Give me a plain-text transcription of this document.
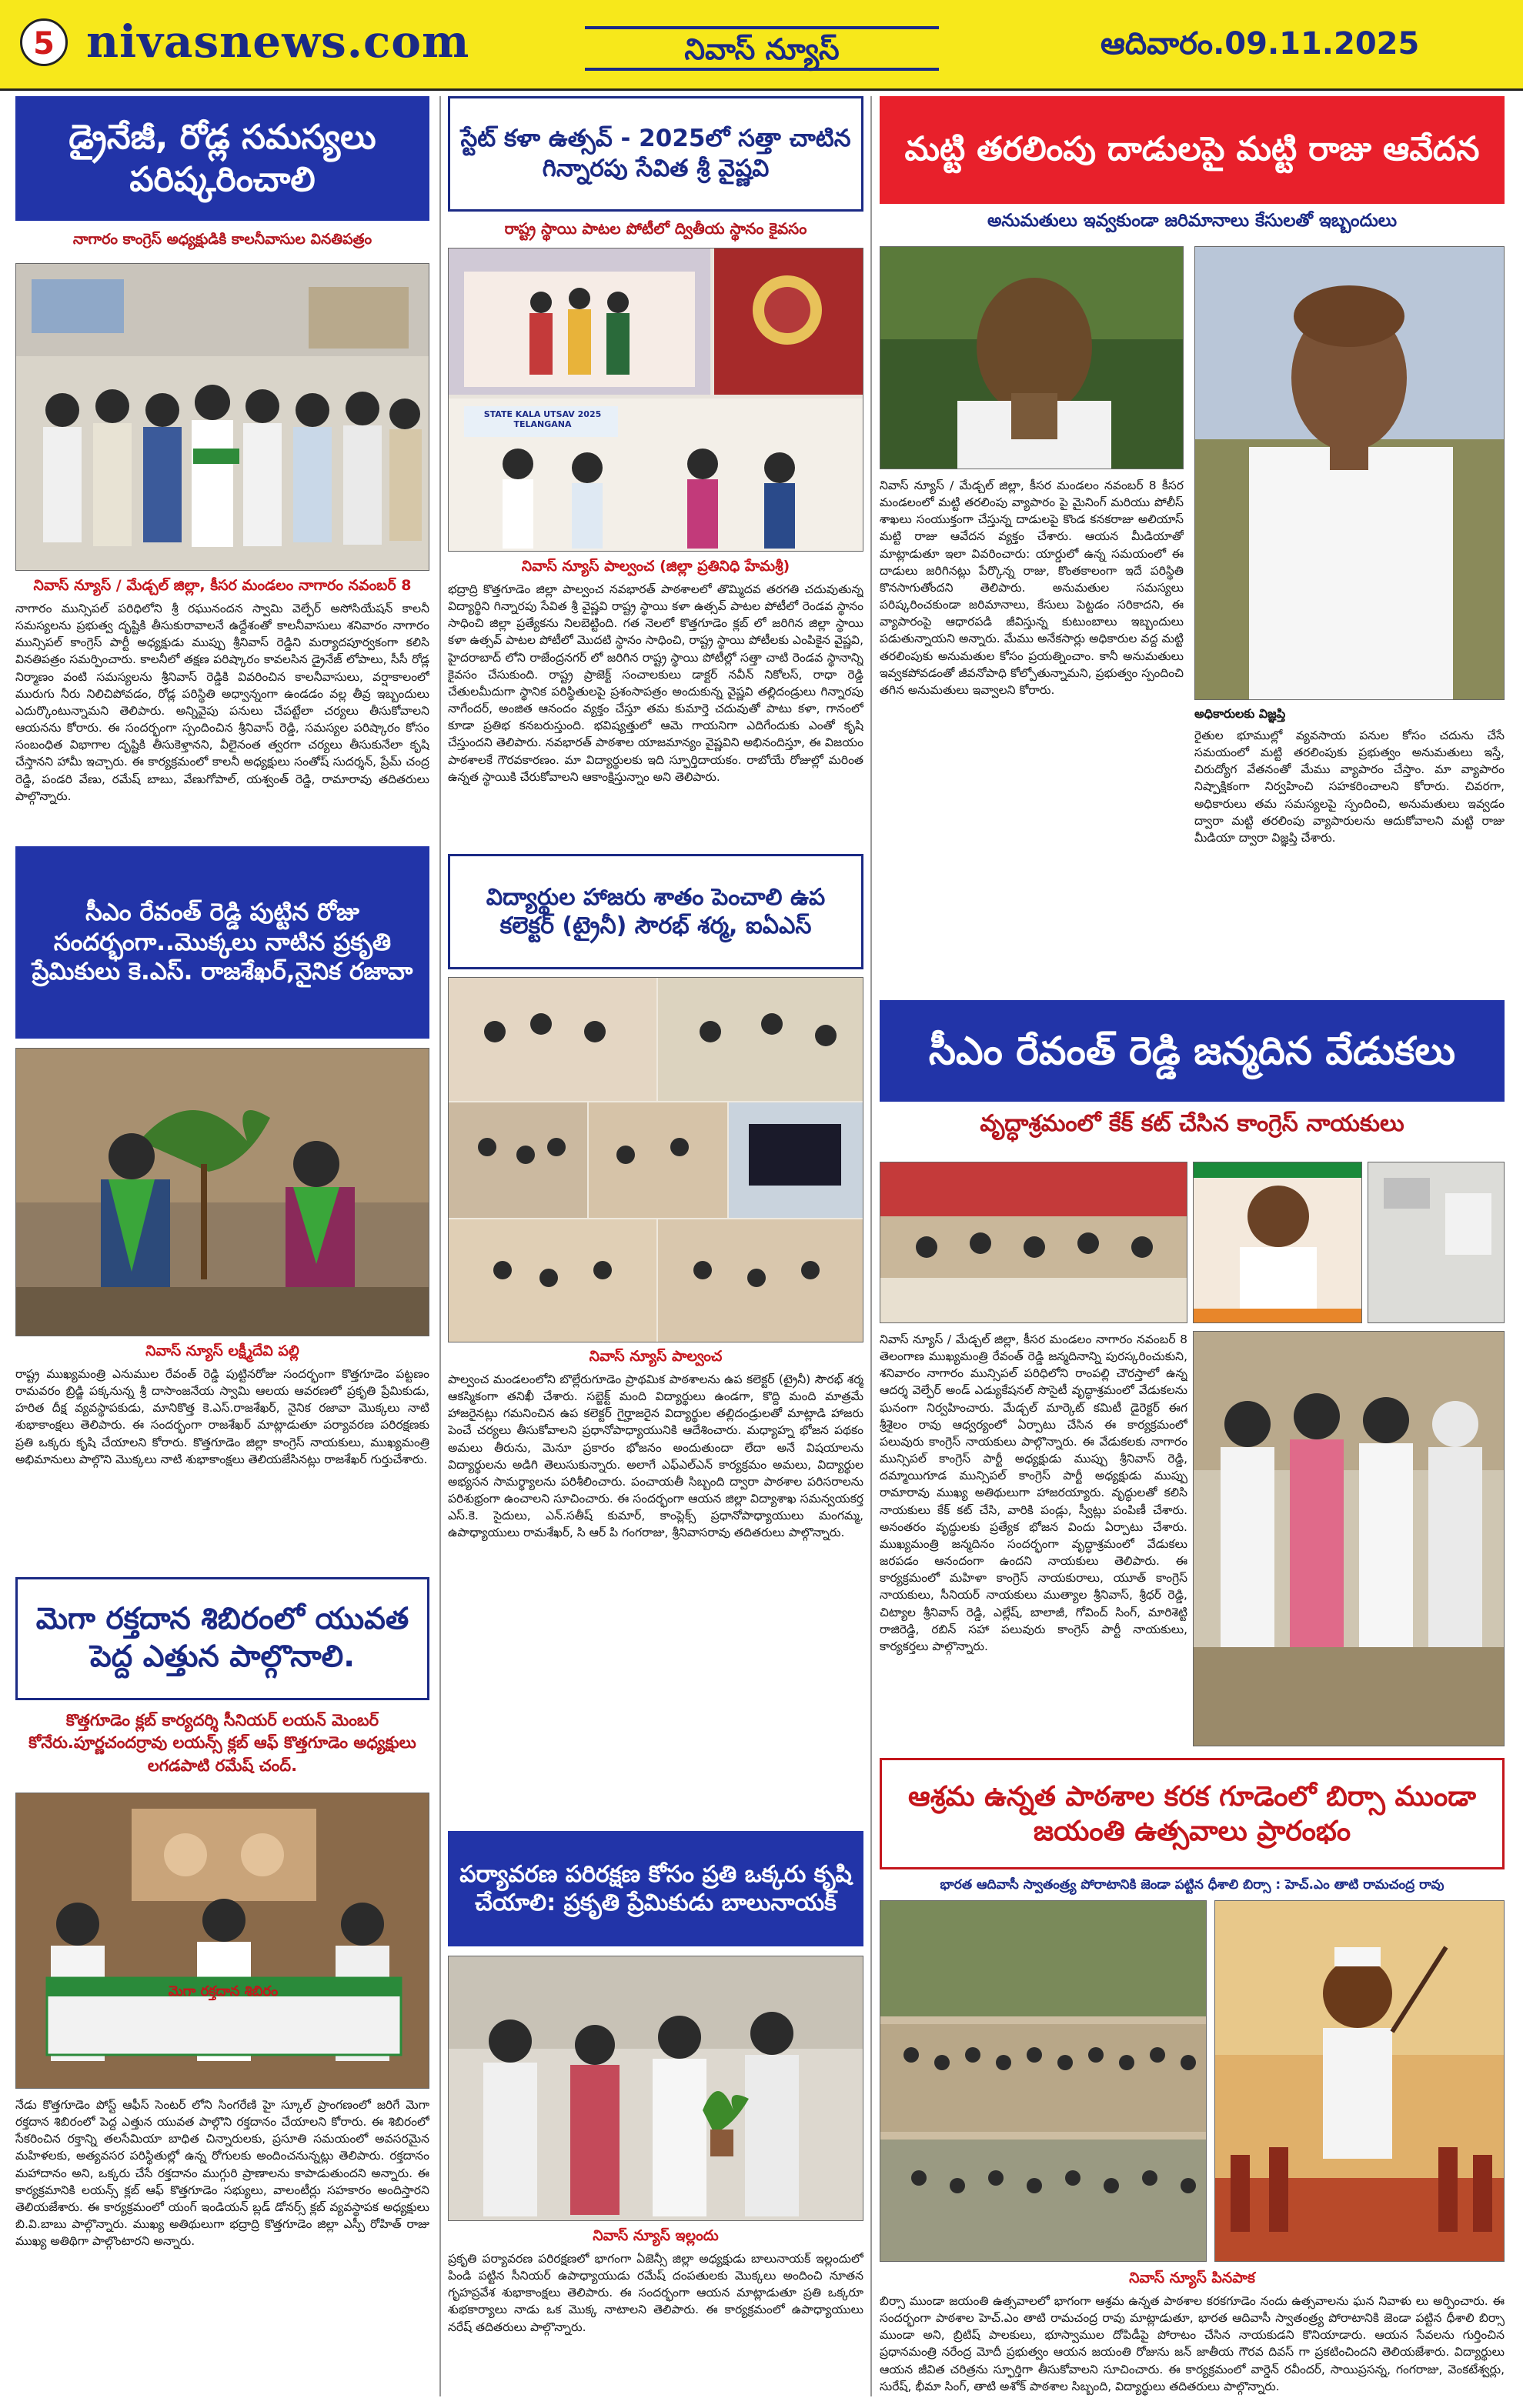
5 nivasnews.com	నివాస్ న్యూస్	ఆదివారం.09.11.2025
డ్రైనేజీ, రోడ్ల సమస్యలు పరిష్కరించాలి
నాగారం కాంగ్రెస్ అధ్యక్షుడికి కాలనీవాసుల వినతిపత్రం
నివాస్ న్యూస్ / మేడ్చల్ జిల్లా, కీసర మండలం నాగారం నవంబర్ 8
నాగారం మున్సిపల్ పరిధిలోని శ్రీ రఘునందన స్వామి వెల్ఫేర్ అసోసియేషన్ కాలనీ సమస్యలను ప్రభుత్వ దృష్టికి తీసుకురావాలనే ఉద్దేశంతో కాలనీవాసులు శనివారం నాగారం మున్సిపల్ కాంగ్రెస్ పార్టీ అధ్యక్షుడు ముప్పు శ్రీనివాస్ రెడ్డిని మర్యాదపూర్వకంగా కలిసి వినతిపత్రం సమర్పించారు. కాలనీలో తక్షణ పరిష్కారం కావలసిన డ్రైనేజ్ లోపాలు, సీసీ రోడ్ల నిర్మాణం వంటి సమస్యలను శ్రీనివాస్ రెడ్డికి వివరించిన కాలనీవాసులు, వర్షాకాలంలో మురుగు నీరు నిలిచిపోవడం, రోడ్ల పరిస్థితి అధ్వాన్నంగా ఉండడం వల్ల తీవ్ర ఇబ్బందులు ఎదుర్కొంటున్నామని తెలిపారు. అన్నివైపు పనులు చేపట్టేలా చర్యలు తీసుకోవాలని ఆయనను కోరారు. ఈ సందర్భంగా స్పందించిన శ్రీనివాస్ రెడ్డి, సమస్యల పరిష్కారం కోసం సంబంధిత విభాగాల దృష్టికి తీసుకెళ్తానని, వీలైనంత త్వరగా చర్యలు తీసుకునేలా కృషి చేస్తానని హామీ ఇచ్చారు. ఈ కార్యక్రమంలో కాలనీ అధ్యక్షులు సంతోష్ సుదర్శన్, ప్రేమ్ చంద్ర రెడ్డి, పండరి వేణు, రమేష్ బాబు, వేణుగోపాల్, యశ్వంత్ రెడ్డి, రామారావు తదితరులు పాల్గొన్నారు.
సీఎం రేవంత్ రెడ్డి పుట్టిన రోజు సందర్భంగా..మొక్కలు నాటిన ప్రకృతి ప్రేమికులు కె.ఎస్. రాజశేఖర్,నైనిక రజావా
నివాస్ న్యూస్ లక్ష్మీదేవి పల్లి
రాష్ట్ర ముఖ్యమంత్రి ఎనుముల రేవంత్ రెడ్డి పుట్టినరోజు సందర్భంగా కొత్తగూడెం పట్టణం రామవరం బ్రిడ్జి పక్కనున్న శ్రీ దాసాంజనేయ స్వామి ఆలయ ఆవరణలో ప్రకృతి ప్రేమికుడు, హరిత దీక్ష వ్యవస్థాపకుడు, మానికొత్త కె.ఎస్.రాజశేఖర్, నైనిక రజావా మొక్కలు నాటి శుభాకాంక్షలు తెలిపారు. ఈ సందర్భంగా రాజశేఖర్ మాట్లాడుతూ పర్యావరణ పరిరక్షణకు ప్రతి ఒక్కరు కృషి చేయాలని కోరారు. కొత్తగూడెం జిల్లా కాంగ్రెస్ నాయకులు, ముఖ్యమంత్రి అభిమానులు పాల్గొని మొక్కలు నాటి శుభాకాంక్షలు తెలియజేసినట్లు రాజశేఖర్ గుర్తుచేశారు.
మెగా రక్తదాన శిబిరంలో యువత పెద్ద ఎత్తున పాల్గొనాలి.
కొత్తగూడెం క్లబ్ కార్యదర్శి సీనియర్ లయన్ మెంబర్ కోనేరు.పూర్ణచందర్రావు లయన్స్ క్లబ్ ఆఫ్ కొత్తగూడెం అధ్యక్షులు లగడపాటి రమేష్ చంద్.
మెగా రక్తదాన శిబిరం
నేడు కొత్తగూడెం పోస్ట్ ఆఫీస్ సెంటర్ లోని సింగరేణి హై స్కూల్ ప్రాంగణంలో జరిగే మెగా రక్తదాన శిబిరంలో పెద్ద ఎత్తున యువత పాల్గొని రక్తదానం చేయాలని కోరారు. ఈ శిబిరంలో సేకరించిన రక్తాన్ని తలసేమియా బాధిత చిన్నారులకు, ప్రసూతి సమయంలో అవసరమైన మహిళలకు, అత్యవసర పరిస్థితుల్లో ఉన్న రోగులకు అందించనున్నట్లు తెలిపారు. రక్తదానం మహాదానం అని, ఒక్కరు చేసే రక్తదానం ముగ్గురి ప్రాణాలను కాపాడుతుందని అన్నారు. ఈ కార్యక్రమానికి లయన్స్ క్లబ్ ఆఫ్ కొత్తగూడెం సభ్యులు, వాలంటీర్లు సహకారం అందిస్తారని తెలియజేశారు. ఈ కార్యక్రమంలో యంగ్ ఇండియన్ బ్లడ్ డోనర్స్ క్లబ్ వ్యవస్థాపక అధ్యక్షులు బి.వి.బాబు పాల్గొన్నారు. ముఖ్య అతిథులుగా భద్రాద్రి కొత్తగూడెం జిల్లా ఎస్పీ రోహిత్ రాజు ముఖ్య అతిథిగా పాల్గొంటారని అన్నారు.
స్టేట్ కళా ఉత్సవ్ - 2025లో సత్తా చాటిన గిన్నారపు సేవిత శ్రీ వైష్ణవి
రాష్ట్ర స్థాయి పాటల పోటీలో ద్వితీయ స్థానం కైవసం
STATE KALA UTSAV 2025 TELANGANA
నివాస్ న్యూస్ పాల్వంచ (జిల్లా ప్రతినిధి హేమశ్రీ)
భద్రాద్రి కొత్తగూడెం జిల్లా పాల్వంచ నవభారత్ పాఠశాలలో తొమ్మిదవ తరగతి చదువుతున్న విద్యార్థిని గిన్నారపు సేవిత శ్రీ వైష్ణవి రాష్ట్ర స్థాయి కళా ఉత్సవ్ పాటల పోటీలో రెండవ స్థానం సాధించి జిల్లా ప్రత్యేకను నిలబెట్టింది. గత నెలలో కొత్తగూడెం క్లబ్ లో జరిగిన జిల్లా స్థాయి కళా ఉత్సవ్ పాటల పోటీలో మొదటి స్థానం సాధించి, రాష్ట్ర స్థాయి పోటీలకు ఎంపికైన వైష్ణవి, హైదరాబాద్ లోని రాజేంద్రనగర్ లో జరిగిన రాష్ట్ర స్థాయి పోటీల్లో సత్తా చాటి రెండవ స్థానాన్ని కైవసం చేసుకుంది. రాష్ట్ర ప్రాజెక్ట్ సంచాలకులు డాక్టర్ నవీన్ నికోలస్, రాధా రెడ్డి చేతులమీదుగా స్థానిక పరిస్థితులపై ప్రశంసాపత్రం అందుకున్న వైష్ణవి తల్లిదండ్రులు గిన్నారపు నాగేందర్, అంజిత ఆనందం వ్యక్తం చేస్తూ తమ కుమార్తె చదువుతో పాటు కళా, గానంలో కూడా ప్రతిభ కనబరుస్తుంది. భవిష్యత్తులో ఆమె గాయనిగా ఎదిగేందుకు ఎంతో కృషి చేస్తుందని తెలిపారు. నవభారత్ పాఠశాల యాజమాన్యం వైష్ణవిని అభినందిస్తూ, ఈ విజయం పాఠశాలకే గౌరవకారణం. మా విద్యార్థులకు ఇది స్ఫూర్తిదాయకం. రాబోయే రోజుల్లో మరింత ఉన్నత స్థాయికి చేరుకోవాలని ఆకాంక్షిస్తున్నాం అని తెలిపారు.
విద్యార్థుల హాజరు శాతం పెంచాలి ఉప కలెక్టర్ (ట్రైనీ) సౌరభ్ శర్మ, ఐఏఎస్
నివాస్ న్యూస్ పాల్వంచ
పాల్వంచ మండలంలోని బొల్లేరుగూడెం ప్రాథమిక పాఠశాలను ఉప కలెక్టర్ (ట్రైనీ) సౌరభ్ శర్మ ఆకస్మికంగా తనిఖీ చేశారు. సబ్జెక్ట్ మంది విద్యార్థులు ఉండగా, కొద్ది మంది మాత్రమే హాజరైనట్లు గమనించిన ఉప కలెక్టర్ గైర్హాజరైన విద్యార్థుల తల్లిదండ్రులతో మాట్లాడి హాజరు పెంచే చర్యలు తీసుకోవాలని ప్రధానోపాధ్యాయునికి ఆదేశించారు. మధ్యాహ్న భోజన పథకం అమలు తీరును, మెనూ ప్రకారం భోజనం అందుతుందా లేదా అనే విషయాలను విద్యార్థులను అడిగి తెలుసుకున్నారు. అలాగే ఎఫ్ఎల్ఎన్ కార్యక్రమం అమలు, విద్యార్థుల అభ్యసన సామర్థ్యాలను పరిశీలించారు. పంచాయతీ సిబ్బంది ద్వారా పాఠశాల పరిసరాలను పరిశుభ్రంగా ఉంచాలని సూచించారు. ఈ సందర్భంగా ఆయన జిల్లా విద్యాశాఖ సమన్వయకర్త ఎస్.కె. సైదులు, ఎన్.సతీష్ కుమార్, కాంప్లెక్స్ ప్రధానోపాధ్యాయులు మంగమ్మ, ఉపాధ్యాయులు రామశేఖర్, సి ఆర్ పి గంగరాజు, శ్రీనివాసరావు తదితరులు పాల్గొన్నారు.
పర్యావరణ పరిరక్షణ కోసం ప్రతి ఒక్కరు కృషి చేయాలి: ప్రకృతి ప్రేమికుడు బాలునాయక్
నివాస్ న్యూస్ ఇల్లందు
ప్రకృతి పర్యావరణ పరిరక్షణలో భాగంగా ఏజెన్సీ జిల్లా అధ్యక్షుడు బాలునాయక్ ఇల్లందులో పిండి పట్టిన సీనియర్ ఉపాధ్యాయుడు రమేష్ దంపతులకు మొక్కలు అందించి నూతన గృహప్రవేశ శుభాకాంక్షలు తెలిపారు. ఈ సందర్భంగా ఆయన మాట్లాడుతూ ప్రతి ఒక్కరూ శుభకార్యాలు నాడు ఒక మొక్క నాటాలని తెలిపారు. ఈ కార్యక్రమంలో ఉపాధ్యాయులు నరేష్ తదితరులు పాల్గొన్నారు.
మట్టి తరలింపు దాడులపై మట్టి రాజు ఆవేదన
అనుమతులు ఇవ్వకుండా జరిమానాలు కేసులతో ఇబ్బందులు
నివాస్ న్యూస్ / మేడ్చల్ జిల్లా, కీసర మండలం నవంబర్ 8 కీసర మండలంలో మట్టి తరలింపు వ్యాపారం పై మైనింగ్ మరియు పోలీస్ శాఖలు సంయుక్తంగా చేస్తున్న దాడులపై కొండ కనకరాజు అలియాస్ మట్టి రాజు ఆవేదన వ్యక్తం చేశారు. ఆయన మీడియాతో మాట్లాడుతూ ఇలా వివరించారు: యార్డులో ఉన్న సమయంలో ఈ దాడులు జరిగినట్లు పేర్కొన్న రాజు, కొంతకాలంగా ఇదే పరిస్థితి కొనసాగుతోందని తెలిపారు. అనుమతుల సమస్యలు పరిష్కరించకుండా జరిమానాలు, కేసులు పెట్టడం సరికాదని, ఈ వ్యాపారంపై ఆధారపడి జీవిస్తున్న కుటుంబాలు ఇబ్బందులు పడుతున్నాయని అన్నారు. మేము అనేకసార్లు అధికారుల వద్ద మట్టి తరలింపుకు అనుమతుల కోసం ప్రయత్నించాం. కానీ అనుమతులు ఇవ్వకపోవడంతో జీవనోపాధి కోల్పోతున్నామని, ప్రభుత్వం స్పందించి తగిన అనుమతులు ఇవ్వాలని కోరారు.
అధికారులకు విజ్ఞప్తి
రైతుల భూముల్లో వ్యవసాయ పనుల కోసం చదును చేసే సమయంలో మట్టి తరలింపుకు ప్రభుత్వం అనుమతులు ఇస్తే, చిరుద్యోగ వేతనంతో మేము వ్యాపారం చేస్తాం. మా వ్యాపారం నిష్పాక్షికంగా నిర్వహించి సహకరించాలని కోరారు. చివరగా, అధికారులు తమ సమస్యలపై స్పందించి, అనుమతులు ఇవ్వడం ద్వారా మట్టి తరలింపు వ్యాపారులను ఆదుకోవాలని మట్టి రాజు మీడియా ద్వారా విజ్ఞప్తి చేశారు.
సీఎం రేవంత్ రెడ్డి జన్మదిన వేడుకలు
వృద్ధాశ్రమంలో కేక్ కట్ చేసిన కాంగ్రెస్ నాయకులు
నివాస్ న్యూస్ / మేడ్చల్ జిల్లా, కీసర మండలం నాగారం నవంబర్ 8 తెలంగాణ ముఖ్యమంత్రి రేవంత్ రెడ్డి జన్మదినాన్ని పురస్కరించుకుని, శనివారం నాగారం మున్సిపల్ పరిధిలోని రాంపల్లి చౌరస్తాలో ఉన్న ఆదర్శ వెల్ఫేర్ అండ్ ఎడ్యుకేషనల్ సొసైటీ వృద్ధాశ్రమంలో వేడుకలను ఘనంగా నిర్వహించారు. మేడ్చల్ మార్కెట్ కమిటీ డైరెక్టర్ ఈగ శ్రీశైలం రావు ఆధ్వర్యంలో ఏర్పాటు చేసిన ఈ కార్యక్రమంలో పలువురు కాంగ్రెస్ నాయకులు పాల్గొన్నారు. ఈ వేడుకలకు నాగారం మున్సిపల్ కాంగ్రెస్ పార్టీ అధ్యక్షుడు ముప్పు శ్రీనివాస్ రెడ్డి, దమ్మాయిగూడ మున్సిపల్ కాంగ్రెస్ పార్టీ అధ్యక్షుడు ముప్పు రామారావు ముఖ్య అతిథులుగా హాజరయ్యారు. వృద్ధులతో కలిసి నాయకులు కేక్ కట్ చేసి, వారికి పండ్లు, స్వీట్లు పంపిణీ చేశారు. అనంతరం వృద్ధులకు ప్రత్యేక భోజన విందు ఏర్పాటు చేశారు. ముఖ్యమంత్రి జన్మదినం సందర్భంగా వృద్ధాశ్రమంలో వేడుకలు జరపడం ఆనందంగా ఉందని నాయకులు తెలిపారు. ఈ కార్యక్రమంలో మహిళా కాంగ్రెస్ నాయకురాలు, యూత్ కాంగ్రెస్ నాయకులు, సీనియర్ నాయకులు ముత్యాల శ్రీనివాస్, శ్రీధర్ రెడ్డి, చిట్యాల శ్రీనివాస్ రెడ్డి, ఎల్లేష్, బాలాజీ, గోవింద్ సింగ్, మారిశెట్టి రాజిరెడ్డి, రబిన్ సహా పలువురు కాంగ్రెస్ పార్టీ నాయకులు, కార్యకర్తలు పాల్గొన్నారు.
ఆశ్రమ ఉన్నత పాఠశాల కరక గూడెంలో బిర్సా ముండా జయంతి ఉత్సవాలు ప్రారంభం
భారత ఆదివాసీ స్వాతంత్ర్య పోరాటానికి జెండా పట్టిన ధీశాలి బిర్సా : హెచ్.ఎం తాటి రామచంద్ర రావు
నివాస్ న్యూస్ పినపాక
బిర్సా ముండా జయంతి ఉత్సవాలలో భాగంగా ఆశ్రమ ఉన్నత పాఠశాల కరకగూడెం నందు ఉత్సవాలను ఘన నివాళు లు అర్పించారు. ఈ సందర్భంగా పాఠశాల హెచ్.ఎం తాటి రామచంద్ర రావు మాట్లాడుతూ, భారత ఆదివాసీ స్వాతంత్ర్య పోరాటానికి జెండా పట్టిన ధీశాలి బిర్సా ముండా అని, బ్రిటిష్ పాలకులు, భూస్వాముల దోపిడీపై పోరాటం చేసిన నాయకుడని కొనియాడారు. ఆయన సేవలను గుర్తించిన ప్రధానమంత్రి నరేంద్ర మోదీ ప్రభుత్వం ఆయన జయంతి రోజును జన్ జాతీయ గౌరవ దివస్ గా ప్రకటించిందని తెలియజేశారు. విద్యార్థులు ఆయన జీవిత చరిత్రను స్ఫూర్తిగా తీసుకోవాలని సూచించారు. ఈ కార్యక్రమంలో వార్డెన్ రవీందర్, సాయిప్రసన్న, గంగరాజు, వెంకటేశ్వర్లు, సురేష్, భీమా సింగ్, తాటి అశోక్ పాఠశాల సిబ్బంది, విద్యార్థులు తదితరులు పాల్గొన్నారు.
